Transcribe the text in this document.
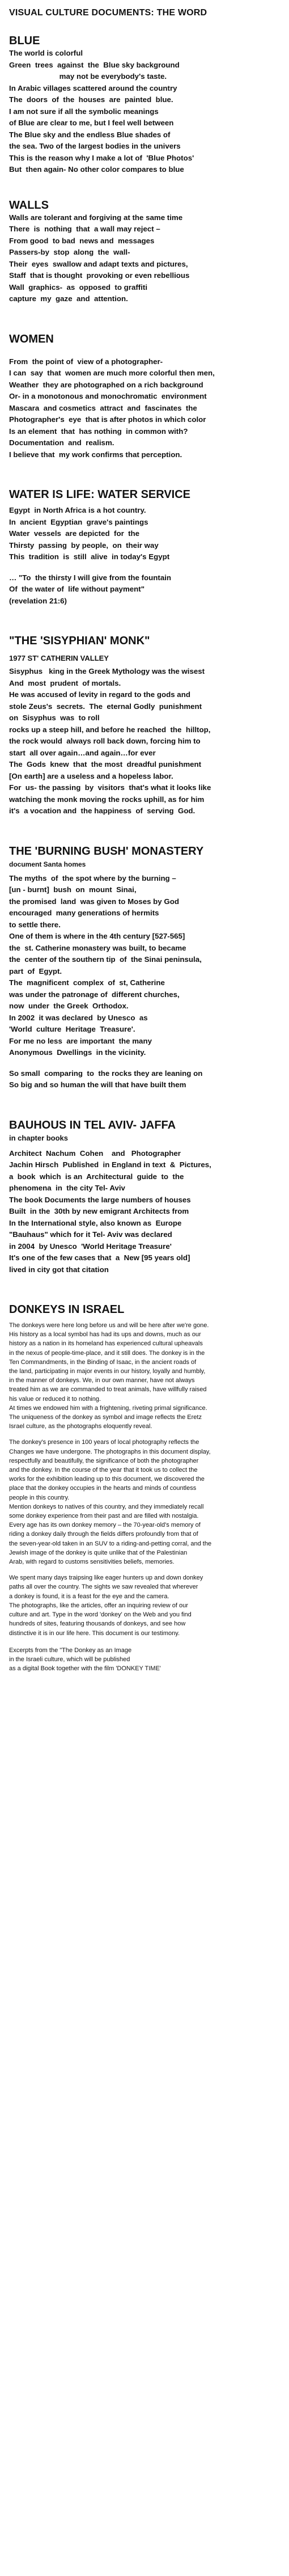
VISUAL CULTURE DOCUMENTS: THE WORD
BLUE

The world is colorful

Green  trees  against  the  Blue sky background

may not be everybody's taste.

In Arabic villages scattered around the country

The  doors  of  the  houses  are  painted  blue.

I am not sure if all the symbolic meanings

of Blue are clear to me, but I feel well between

The Blue sky and the endless Blue shades of

the sea. Two of the largest bodies in the univers

This is the reason why I make a lot of  'Blue Photos'

But  then again- No other color compares to blue

WALLS

Walls are tolerant and forgiving at the same time

There  is  nothing  that  a wall may reject –

From good  to bad  news and  messages

Passers-by  stop  along  the  wall-

Their  eyes  swallow and adapt texts and pictures,

Staff  that is thought  provoking or even rebellious

Wall  graphics-  as  opposed  to graffiti

capture  my  gaze  and  attention.

WOMEN

From  the point of  view of a photographer-

I can  say  that  women are much more colorful then men,

Weather  they are photographed on a rich background

Or- in a monotonous and monochromatic  environment

Mascara  and cosmetics  attract  and  fascinates  the

Photographer's  eye  that is after photos in which color

Is an element  that  has nothing  in common with?

Documentation  and  realism.

I believe that  my work confirms that perception.

WATER IS LIFE: WATER SERVICE

Egypt  in North Africa is a hot country.

In  ancient  Egyptian  grave's paintings

Water  vessels  are depicted  for  the

Thirsty  passing  by people,  on  their way

This  tradition  is  still  alive  in today's Egypt

… "To  the thirsty I will give from the fountain

Of  the water of  life without payment"

(revelation 21:6)

"THE 'SISYPHIAN' MONK"

1977 ST' CATHERIN VALLEY

Sisyphus   king in the Greek Mythology was the wisest

And  most  prudent  of mortals.

He was accused of levity in regard to the gods and

stole Zeus's  secrets.  The  eternal Godly  punishment

on  Sisyphus  was  to roll

rocks up a steep hill, and before he reached  the  hilltop,

the rock would  always roll back down, forcing him to

start  all over again…and again…for ever

The  Gods  knew  that  the most  dreadful punishment

[On earth] are a useless and a hopeless labor.

For  us- the passing  by  visitors  that's what it looks like

watching the monk moving the rocks uphill, as for him

it's  a vocation and  the happiness  of  serving  God.

THE 'BURNING BUSH' MONASTERY

document Santa homes

The myths  of  the spot where by the burning –

[un - burnt]  bush  on  mount  Sinai,

the promised  land  was given to Moses by God

encouraged  many generations of hermits

to settle there.

One of them is where in the 4th century [527-565]

the  st. Catherine monastery was built, to became

the  center of the southern tip  of  the Sinai peninsula,

part  of  Egypt.

The  magnificent  complex  of  st, Catherine

was under the patronage of  different churches,

now  under  the Greek  Orthodox.

In 2002  it was declared  by Unesco  as

'World  culture  Heritage  Treasure'.

For me no less  are important  the many

Anonymous  Dwellings  in the vicinity.

So small  comparing  to  the rocks they are leaning on

So big and so human the will that have built them

BAUHOUS IN TEL AVIV- JAFFA

in chapter books

Architect  Nachum  Cohen    and   Photographer

Jachin Hirsch  Published  in England in text  &  Pictures,

a  book  which  is an  Architectural  guide  to  the

phenomena  in  the city Tel- Aviv

The book Documents the large numbers of houses

Built  in the  30th by new emigrant Architects from

In the International style, also known as  Europe

"Bauhaus" which for it Tel- Aviv was declared

in 2004  by Unesco  'World Heritage Treasure'

It's one of the few cases that  a  New [95 years old]

lived in city got that citation

DONKEYS IN ISRAEL

The donkeys were here long before us and will be here after we're gone.

His history as a local symbol has had its ups and downs, much as our

history as a nation in its homeland has experienced cultural upheavals

in the nexus of people-time-place, and it still does. The donkey is in the

Ten Commandments, in the Binding of Isaac, in the ancient roads of

the land, participating in major events in our history, loyally and humbly,

in the manner of donkeys. We, in our own manner, have not always

treated him as we are commanded to treat animals, have willfully raised

his value or reduced it to nothing.

At times we endowed him with a frightening, riveting primal significance.

The uniqueness of the donkey as symbol and image reflects the Eretz

Israel culture, as the photographs eloquently reveal.

The donkey's presence in 100 years of local photography reflects the

Changes we have undergone. The photographs in this document display,

respectfully and beautifully, the significance of both the photographer

and the donkey. In the course of the year that it took us to collect the

works for the exhibition leading up to this document, we discovered the

place that the donkey occupies in the hearts and minds of countless

people in this country.

Mention donkeys to natives of this country, and they immediately recall

some donkey experience from their past and are filled with nostalgia.

Every age has its own donkey memory – the 70-year-old's memory of

riding a donkey daily through the fields differs profoundly from that of

the seven-year-old taken in an SUV to a riding-and-petting corral, and the

Jewish image of the donkey is quite unlike that of the Palestinian

Arab, with regard to customs sensitivities beliefs, memories.

We spent many days traipsing like eager hunters up and down donkey

paths all over the country. The sights we saw revealed that wherever

a donkey is found, it is a feast for the eye and the camera.

The photographs, like the articles, offer an inquiring review of our

culture and art. Type in the word 'donkey' on the Web and you find

hundreds of sites, featuring thousands of donkeys, and see how

distinctive it is in our life here. This document is our testimony.

Excerpts from the "The Donkey as an Image

in the Israeli culture, which will be published

as a digital Book together with the film 'DONKEY TIME'
